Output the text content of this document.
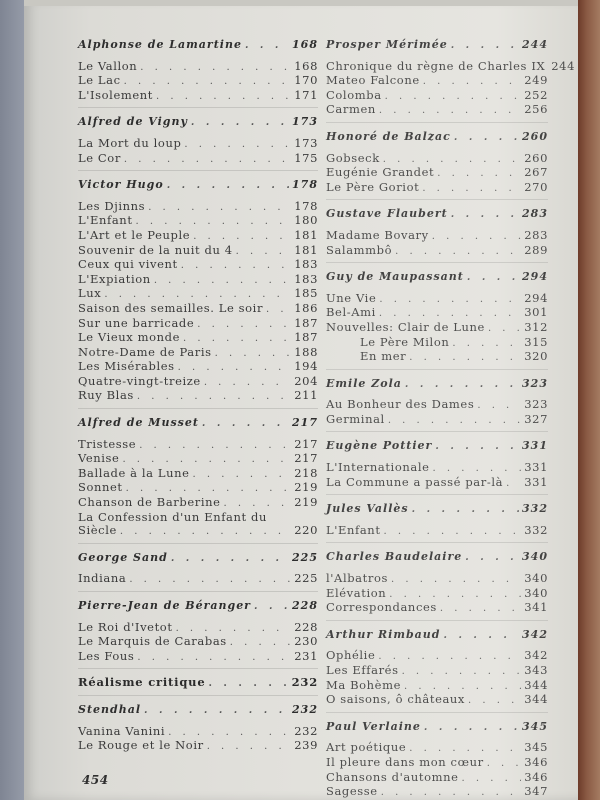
Alphonse de Lamartine . . .	168
Le Vallon . . .	168
Le Lac . . .	170
L'Isolement . . .	171
Alfred de Vigny . . .	173
La Mort du loup . . .	173
Le Cor . . .	175
Victor Hugo . . .	178
Les Djinns . . .	178
L'Enfant . . .	180
L'Art et le Peuple . . .	181
Souvenir de la nuit du 4 . . .	181
Ceux qui vivent . . .	183
L'Expiation . . .	183
Lux . . .	185
Saison des semailles. Le soir . . .	186
Sur une barricade . . .	187
Le Vieux monde . . .	187
Notre-Dame de Paris . . .	188
Les Misérables . . .	194
Quatre-vingt-treize . . .	204
Ruy Blas . . .	211
Alfred de Musset . . .	217
Tristesse . . .	217
Venise . . .	217
Ballade à la Lune . . .	218
Sonnet . . .	219
Chanson de Barberine . . .	219
La Confession d'un Enfant du
Siècle . . .	220
George Sand . . .	225
Indiana . . .	225
Pierre-Jean de Béranger . . .	228
Le Roi d'Ivetot . . .	228
Le Marquis de Carabas . . .	230
Les Fous . . .	231
Réalisme critique . . .	232
Stendhal . . .	232
Vanina Vanini . . .	232
Le Rouge et le Noir . . .	239
Prosper Mérimée . . .	244
Chronique du règne de Charles IX 244
Mateo Falcone . . .	249
Colomba . . .	252
Carmen . . .	256
Honoré de Balzac . . .	260
Gobseck . . .	260
Eugénie Grandet . . .	267
Le Père Goriot . . .	270
Gustave Flaubert . . .	283
Madame Bovary . . .	283
Salammbô . . .	289
Guy de Maupassant . . .	294
Une Vie . . .	294
Bel-Ami . . .	301
Nouvelles: Clair de Lune . . .	312
Le Père Milon . . .	315
En mer . . .	320
Emile Zola . . .	323
Au Bonheur des Dames . . .	323
Germinal . . .	327
Eugène Pottier . . .	331
L'Internationale . . .	331
La Commune a passé par-là . . . 331
Jules Vallès . . .	332
L'Enfant . . .	332
Charles Baudelaire . . .	340
l'Albatros . . .	340
Elévation . . .	340
Correspondances . . .	341
Arthur Rimbaud . . .	342
Ophélie . . .	342
Les Effarés . . .	343
Ma Bohème . . .	344
O saisons, ô châteaux . . .	344
Paul Verlaine . . .	345
Art poétique . . .	345
Il pleure dans mon cœur . . .	346
Chansons d'automne . . .	346
Sagesse . . .	347
454
